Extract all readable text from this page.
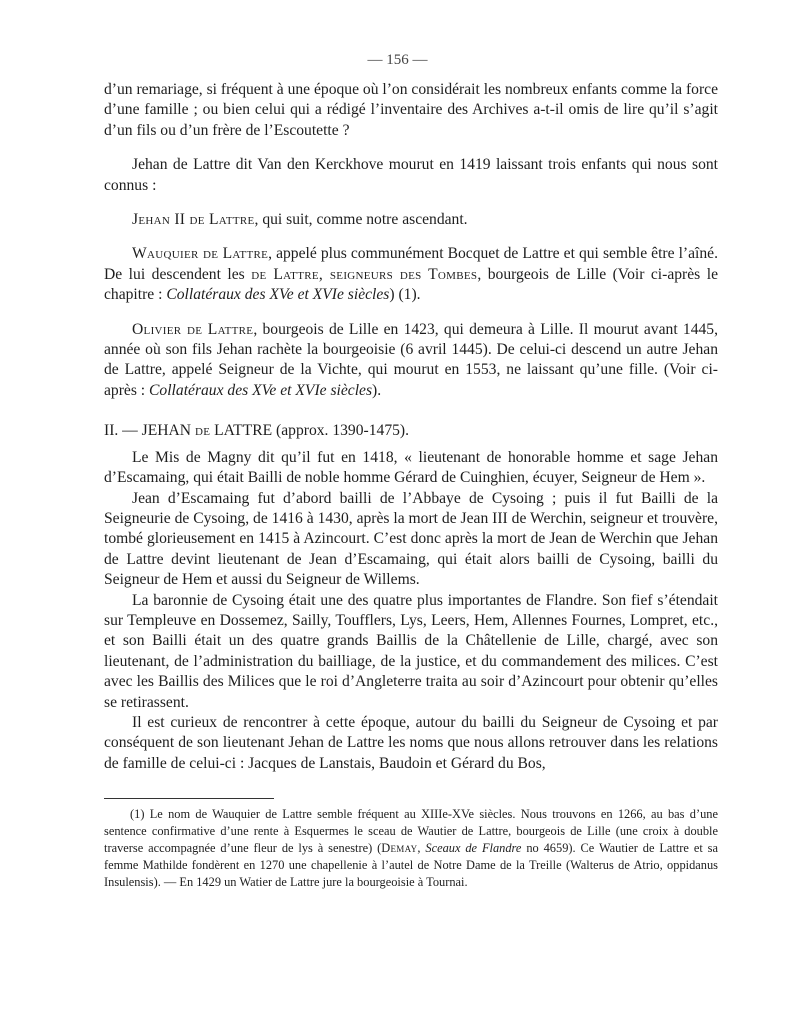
— 156 —

d’un remariage, si fréquent à une époque où l’on considérait les nombreux enfants comme la force d’une famille ; ou bien celui qui a rédigé l’inventaire des Archives a-t-il omis de lire qu’il s’agit d’un fils ou d’un frère de l’Escoutette ?

Jehan de Lattre dit Van den Kerckhove mourut en 1419 laissant trois enfants qui nous sont connus :

Jehan II de Lattre, qui suit, comme notre ascendant.

Wauquier de Lattre, appelé plus communément Bocquet de Lattre et qui semble être l’aîné. De lui descendent les de Lattre, seigneurs des Tombes, bourgeois de Lille (Voir ci-après le chapitre : Collatéraux des XVe et XVIe siècles) (1).

Olivier de Lattre, bourgeois de Lille en 1423, qui demeura à Lille. Il mourut avant 1445, année où son fils Jehan rachète la bourgeoisie (6 avril 1445). De celui-ci descend un autre Jehan de Lattre, appelé Seigneur de la Vichte, qui mourut en 1553, ne laissant qu’une fille. (Voir ci-après : Collatéraux des XVe et XVIe siècles).

II. — JEHAN de LATTRE (approx. 1390-1475).

Le Mis de Magny dit qu’il fut en 1418, « lieutenant de honorable homme et sage Jehan d’Escamaing, qui était Bailli de noble homme Gérard de Cuinghien, écuyer, Seigneur de Hem ».

Jean d’Escamaing fut d’abord bailli de l’Abbaye de Cysoing ; puis il fut Bailli de la Seigneurie de Cysoing, de 1416 à 1430, après la mort de Jean III de Werchin, seigneur et trouvère, tombé glorieusement en 1415 à Azincourt. C’est donc après la mort de Jean de Werchin que Jehan de Lattre devint lieutenant de Jean d’Escamaing, qui était alors bailli de Cysoing, bailli du Seigneur de Hem et aussi du Seigneur de Willems.

La baronnie de Cysoing était une des quatre plus importantes de Flandre. Son fief s’étendait sur Templeuve en Dossemez, Sailly, Toufflers, Lys, Leers, Hem, Allennes Fournes, Lompret, etc., et son Bailli était un des quatre grands Baillis de la Châtellenie de Lille, chargé, avec son lieutenant, de l’administration du bailliage, de la justice, et du commandement des milices. C’est avec les Baillis des Milices que le roi d’Angleterre traita au soir d’Azincourt pour obtenir qu’elles se retirassent.

Il est curieux de rencontrer à cette époque, autour du bailli du Seigneur de Cysoing et par conséquent de son lieutenant Jehan de Lattre les noms que nous allons retrouver dans les relations de famille de celui-ci : Jacques de Lanstais, Baudoin et Gérard du Bos,

(1) Le nom de Wauquier de Lattre semble fréquent au XIIIe-XVe siècles. Nous trouvons en 1266, au bas d’une sentence confirmative d’une rente à Esquermes le sceau de Wautier de Lattre, bourgeois de Lille (une croix à double traverse accompagnée d’une fleur de lys à senestre) (Demay, Sceaux de Flandre no 4659). Ce Wautier de Lattre et sa femme Mathilde fondèrent en 1270 une chapellenie à l’autel de Notre Dame de la Treille (Walterus de Atrio, oppidanus Insulensis). — En 1429 un Watier de Lattre jure la bourgeoisie à Tournai.
